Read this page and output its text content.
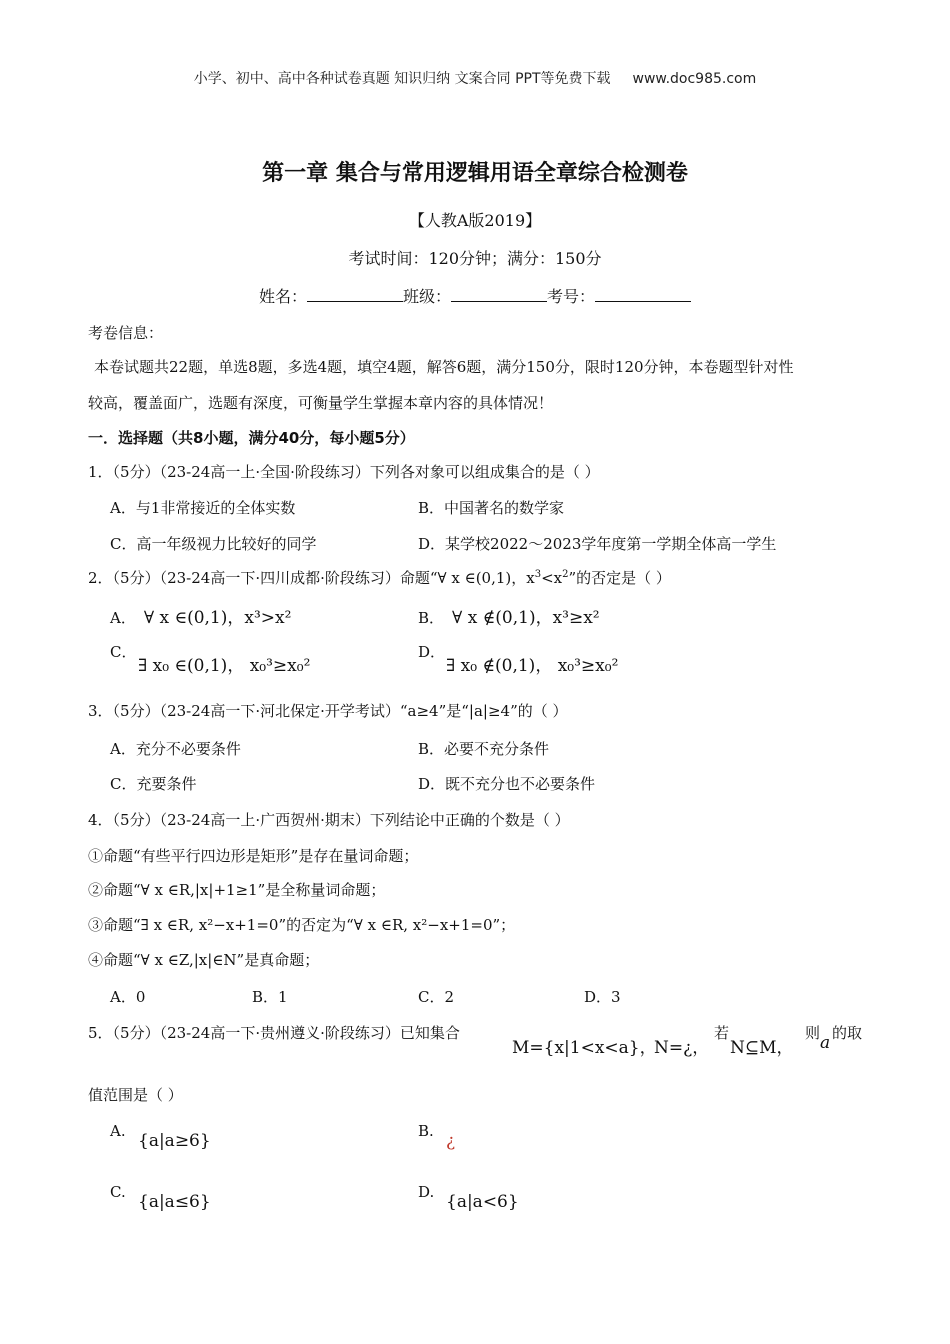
小学、初中、高中各种试卷真题 知识归纳 文案合同 PPT等免费下载 www.doc985.com
第一章 集合与常用逻辑用语全章综合检测卷
【人教A版2019】
考试时间：120分钟；满分：150分
姓名：	班级：	考号：
考卷信息：
本卷试题共22题，单选8题，多选4题，填空4题，解答6题，满分150分，限时120分钟，本卷题型针对性
较高，覆盖面广，选题有深度，可衡量学生掌握本章内容的具体情况！
一．选择题（共8小题，满分40分，每小题5分）
1．（5分）（23-24高一上·全国·阶段练习）下列各对象可以组成集合的是（ ）
A．与1非常接近的全体实数	B．中国著名的数学家
C．高一年级视力比较好的同学	D．某学校2022～2023学年度第一学期全体高一学生
2．（5分）（23-24高一下·四川成都·阶段练习）命题“∀ x ∈(0,1)，$x^3<x^2$”的否定是（ ）
A． ∀ x ∈(0,1)，x³>x²	B． ∀ x ∉(0,1)，x³≥x²
C．
∃ x₀ ∈(0,1)， x₀³≥x₀²
D．
∃ x₀ ∉(0,1)， x₀³≥x₀²
3．（5分）（23-24高一下·河北保定·开学考试）“a≥4”是“|a|≥4”的（ ）
A．充分不必要条件	B．必要不充分条件
C．充要条件	D．既不充分也不必要条件
4．（5分）（23-24高一上·广西贺州·期末）下列结论中正确的个数是（ ）
①命题“有些平行四边形是矩形”是存在量词命题；
②命题“∀ x ∈R,|x|+1≥1”是全称量词命题；
③命题“∃ x ∈R, x²−x+1=0”的否定为“∀ x ∈R, x²−x+1=0”；
④命题“∀ x ∈Z,|x|∈N”是真命题；
A．0	B．1	C．2	D．3
5．（5分）（23-24高一下·贵州遵义·阶段练习）已知集合
M={x|1<x<a}，
N=¿，
若
N⊆M，
则 a 的取
值范围是（ ）
A. {a|a≥6}	B. ¿
C. {a|a≤6}	D. {a|a<6}
